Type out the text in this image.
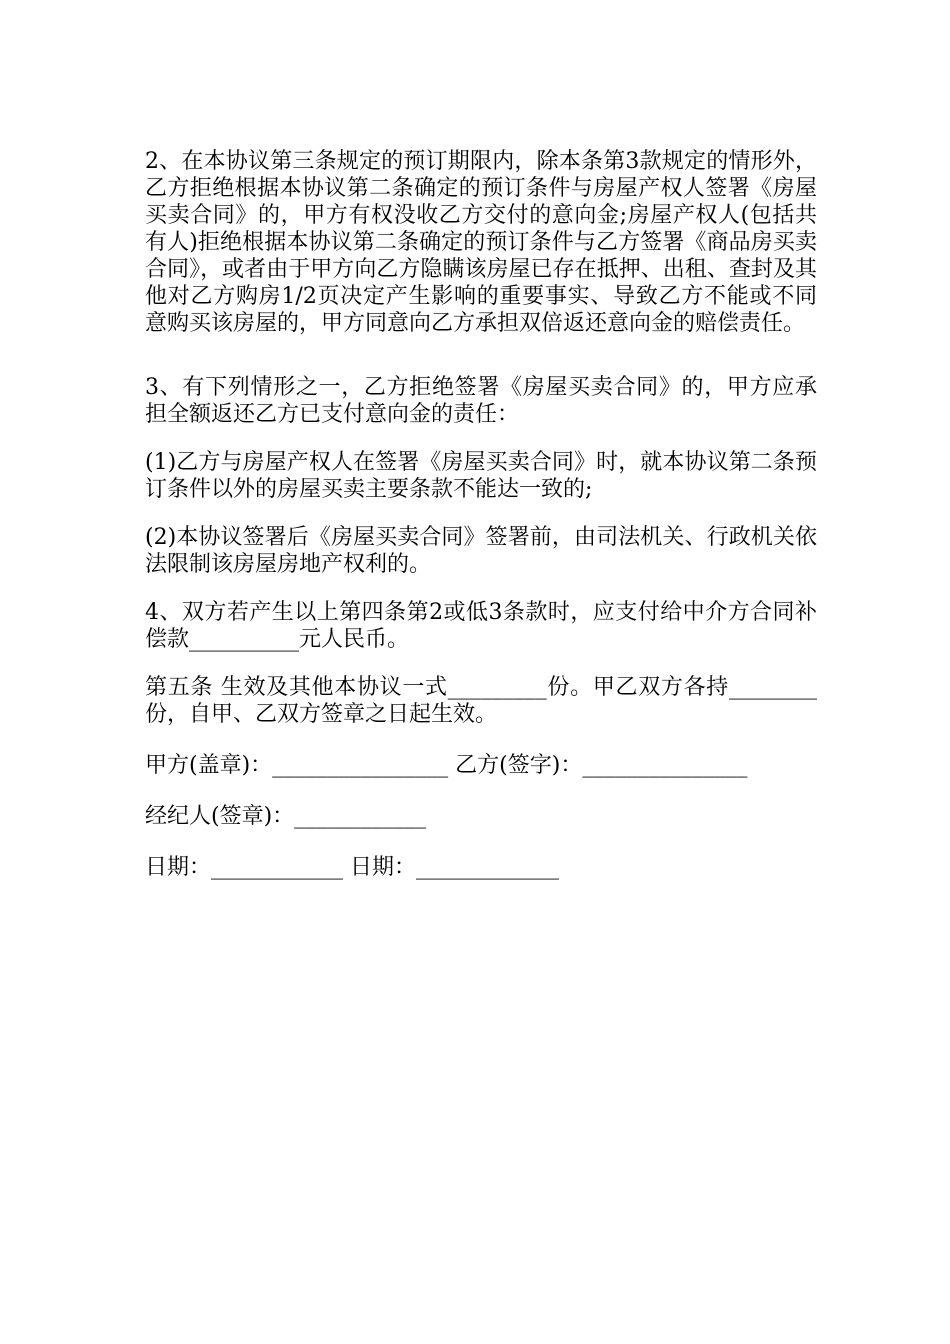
2、在本协议第三条规定的预订期限内，除本条第3款规定的情形外，乙方拒绝根据本协议第二条确定的预订条件与房屋产权人签署《房屋买卖合同》的，甲方有权没收乙方交付的意向金;房屋产权人(包括共有人)拒绝根据本协议第二条确定的预订条件与乙方签署《商品房买卖合同》，或者由于甲方向乙方隐瞒该房屋已存在抵押、出租、查封及其他对乙方购房1/2页决定产生影响的重要事实、导致乙方不能或不同意购买该房屋的，甲方同意向乙方承担双倍返还意向金的赔偿责任。

3、有下列情形之一，乙方拒绝签署《房屋买卖合同》的，甲方应承担全额返还乙方已支付意向金的责任：

(1)乙方与房屋产权人在签署《房屋买卖合同》时，就本协议第二条预订条件以外的房屋买卖主要条款不能达一致的;

(2)本协议签署后《房屋买卖合同》签署前，由司法机关、行政机关依法限制该房屋房地产权利的。

4、双方若产生以上第四条第2或低3条款时，应支付给中介方合同补偿款__________元人民币。

第五条 生效及其他本协议一式_________份。甲乙双方各持________份，自甲、乙双方签章之日起生效。

甲方(盖章)：________________ 乙方(签字)：_______________
经纪人(签章)：____________
日期：____________ 日期：_____________
